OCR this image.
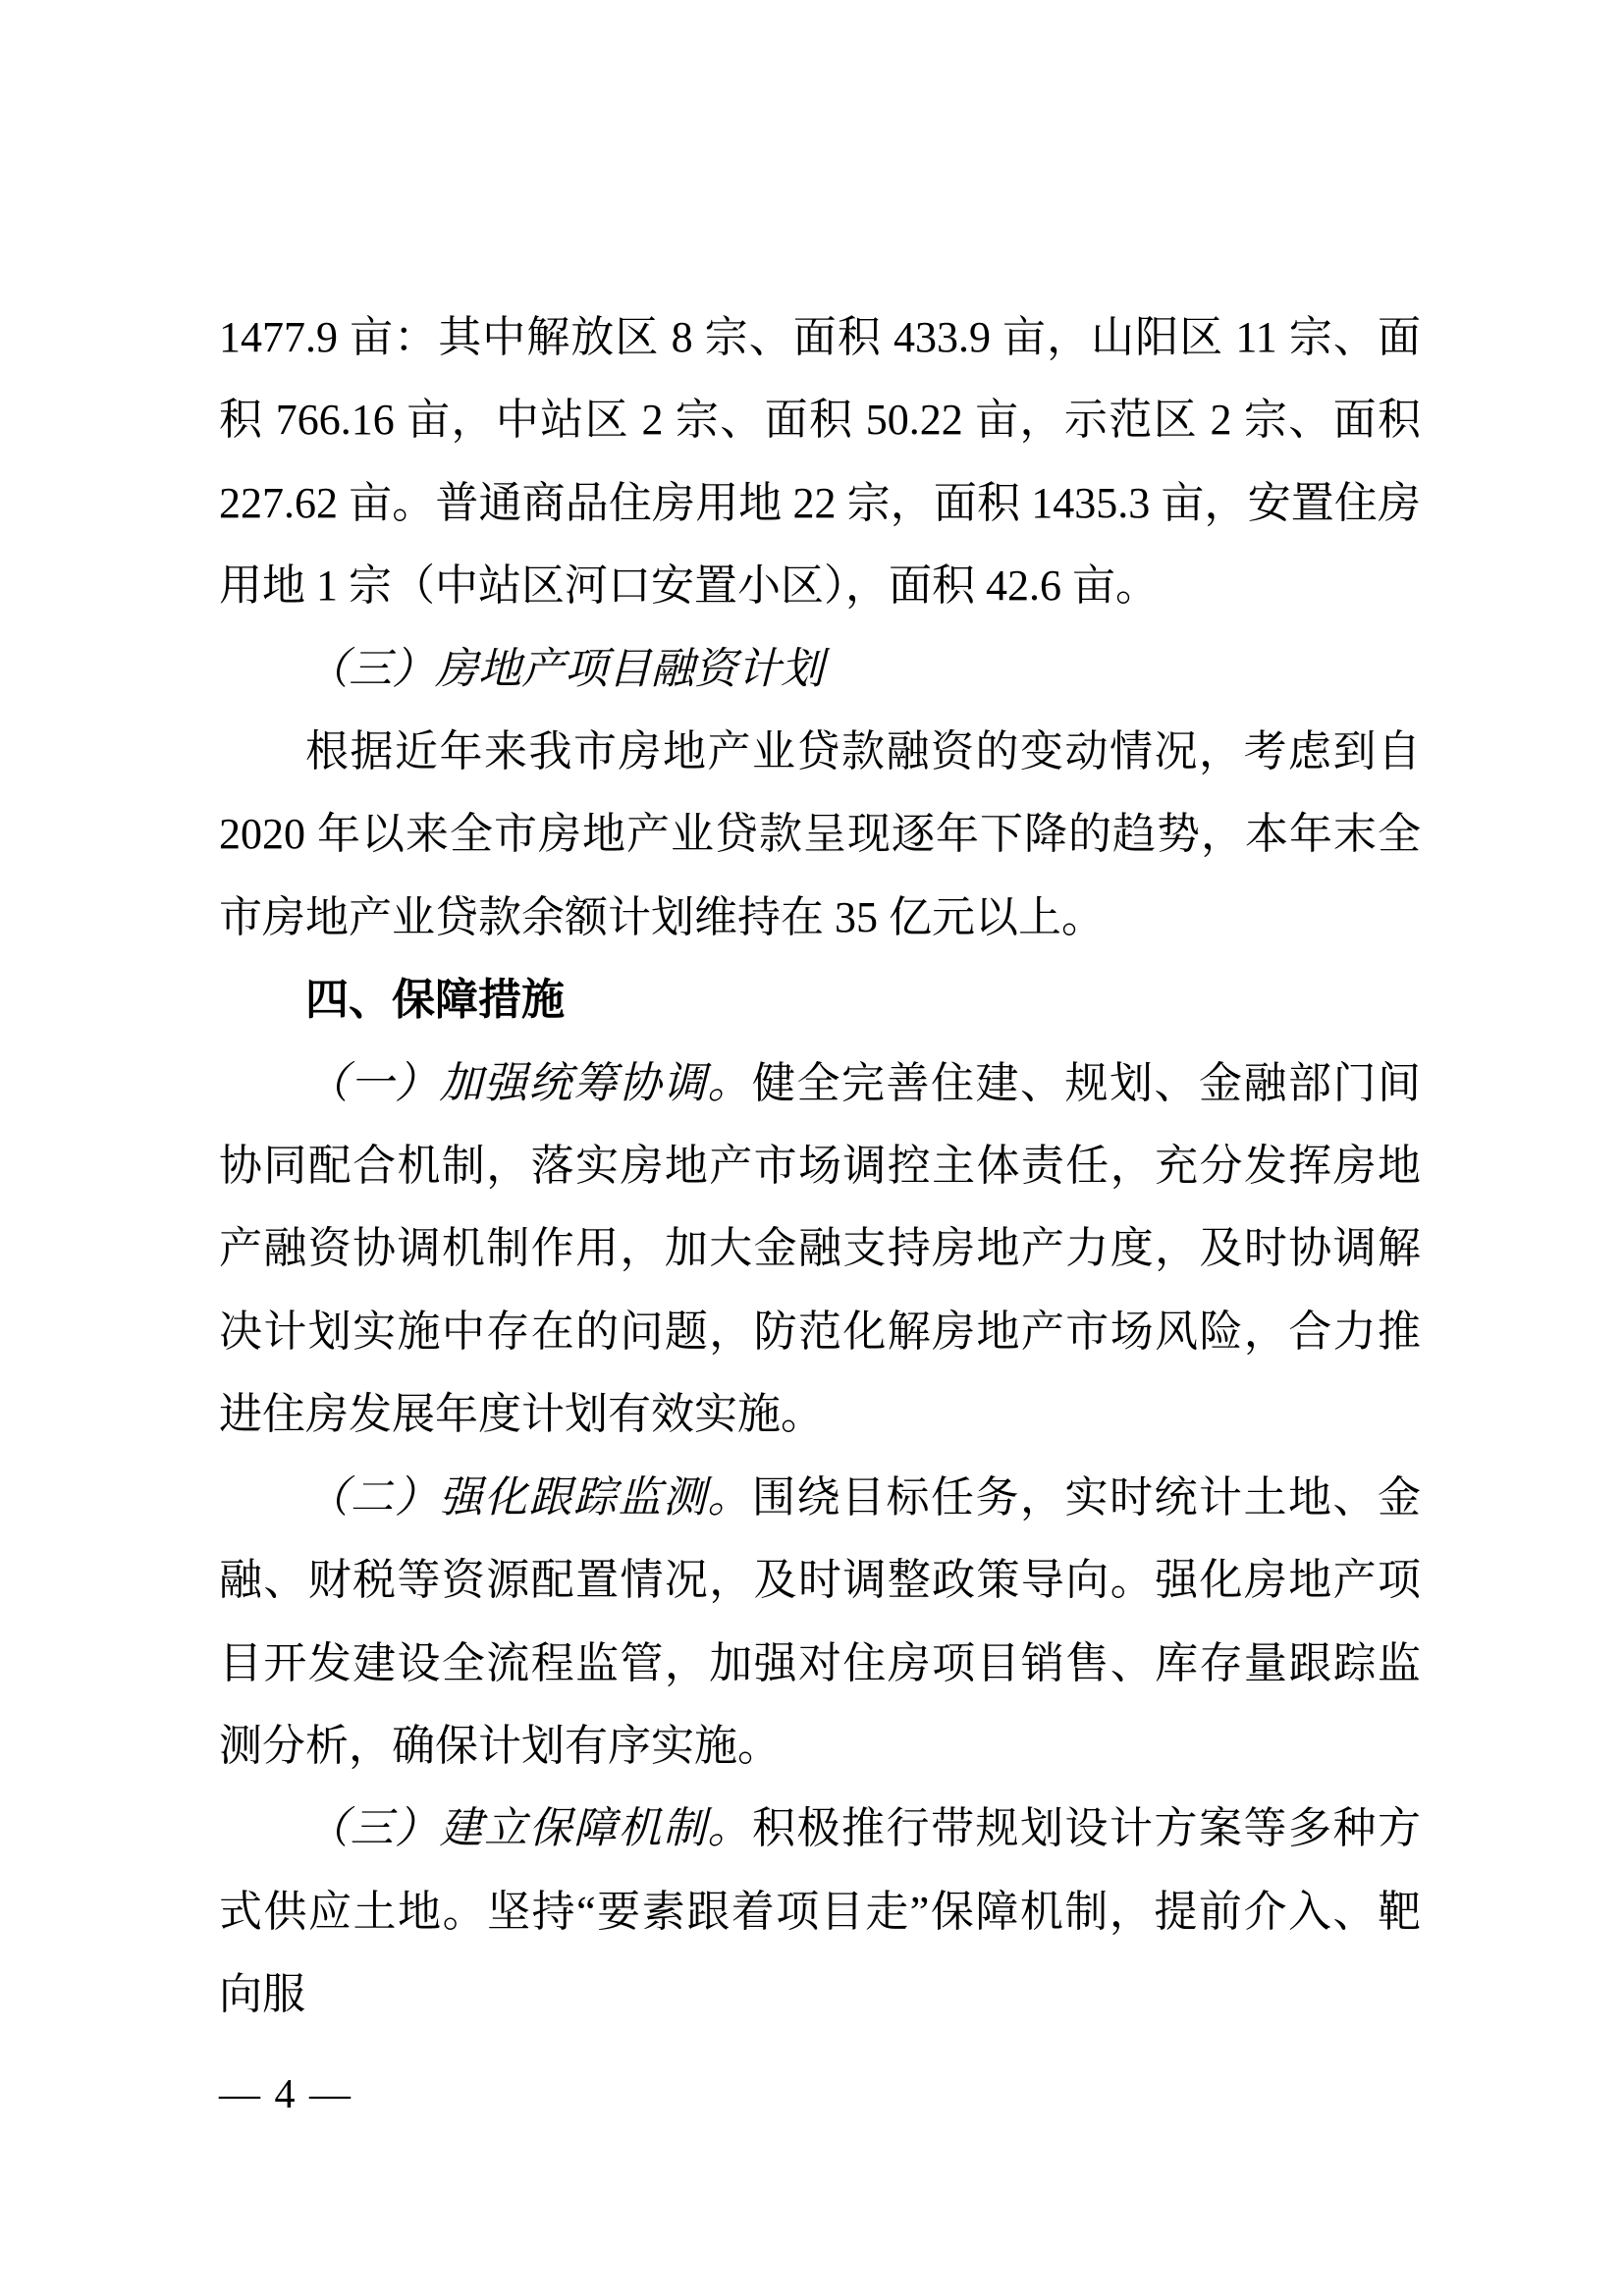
1477.9 亩：其中解放区 8 宗、面积 433.9 亩，山阳区 11 宗、面积 766.16 亩，中站区 2 宗、面积 50.22 亩，示范区 2 宗、面积 227.62 亩。普通商品住房用地 22 宗，面积 1435.3 亩，安置住房用地 1 宗（中站区河口安置小区），面积 42.6 亩。

（三）房地产项目融资计划

根据近年来我市房地产业贷款融资的变动情况，考虑到自 2020 年以来全市房地产业贷款呈现逐年下降的趋势，本年末全市房地产业贷款余额计划维持在 35 亿元以上。

四、保障措施

（一）加强统筹协调。健全完善住建、规划、金融部门间协同配合机制，落实房地产市场调控主体责任，充分发挥房地产融资协调机制作用，加大金融支持房地产力度，及时协调解决计划实施中存在的问题，防范化解房地产市场风险，合力推进住房发展年度计划有效实施。

（二）强化跟踪监测。围绕目标任务，实时统计土地、金融、财税等资源配置情况，及时调整政策导向。强化房地产项目开发建设全流程监管，加强对住房项目销售、库存量跟踪监测分析，确保计划有序实施。

（三）建立保障机制。积极推行带规划设计方案等多种方式供应土地。坚持“要素跟着项目走”保障机制，提前介入、靶向服

— 4 —
